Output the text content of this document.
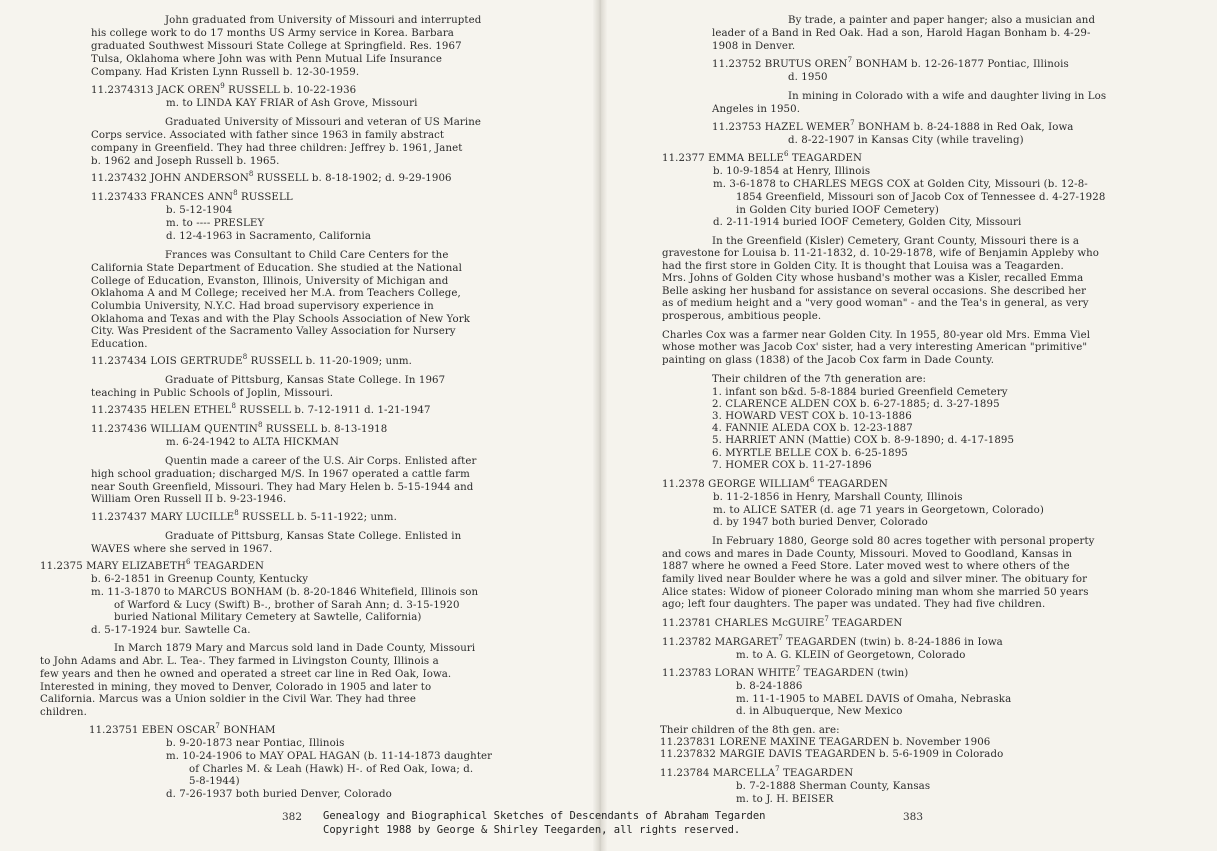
John graduated from University of Missouri and interrupted
his college work to do 17 months US Army service in Korea. Barbara
graduated Southwest Missouri State College at Springfield. Res. 1967
Tulsa, Oklahoma where John was with Penn Mutual Life Insurance
Company. Had Kristen Lynn Russell b. 12-30-1959.
11.2374313 JACK OREN$^9$ RUSSELL b. 10-22-1936
m. to LINDA KAY FRIAR of Ash Grove, Missouri
Graduated University of Missouri and veteran of US Marine
Corps service. Associated with father since 1963 in family abstract
company in Greenfield. They had three children: Jeffrey b. 1961, Janet
b. 1962 and Joseph Russell b. 1965.
11.237432 JOHN ANDERSON$^8$ RUSSELL b. 8-18-1902; d. 9-29-1906
11.237433 FRANCES ANN$^8$ RUSSELL
b. 5-12-1904
m. to ---- PRESLEY
d. 12-4-1963 in Sacramento, California
Frances was Consultant to Child Care Centers for the
California State Department of Education. She studied at the National
College of Education, Evanston, Illinois, University of Michigan and
Oklahoma A and M College; received her M.A. from Teachers College,
Columbia University, N.Y.C. Had broad supervisory experience in
Oklahoma and Texas and with the Play Schools Association of New York
City. Was President of the Sacramento Valley Association for Nursery
Education.
11.237434 LOIS GERTRUDE$^8$ RUSSELL b. 11-20-1909; unm.
Graduate of Pittsburg, Kansas State College. In 1967
teaching in Public Schools of Joplin, Missouri.
11.237435 HELEN ETHEL$^8$ RUSSELL b. 7-12-1911 d. 1-21-1947
11.237436 WILLIAM QUENTIN$^8$ RUSSELL b. 8-13-1918
m. 6-24-1942 to ALTA HICKMAN
Quentin made a career of the U.S. Air Corps. Enlisted after
high school graduation; discharged M/S. In 1967 operated a cattle farm
near South Greenfield, Missouri. They had Mary Helen b. 5-15-1944 and
William Oren Russell II b. 9-23-1946.
11.237437 MARY LUCILLE$^8$ RUSSELL b. 5-11-1922; unm.
Graduate of Pittsburg, Kansas State College. Enlisted in
WAVES where she served in 1967.
11.2375 MARY ELIZABETH$^6$ TEAGARDEN
b. 6-2-1851 in Greenup County, Kentucky
m. 11-3-1870 to MARCUS BONHAM (b. 8-20-1846 Whitefield, Illinois son
of Warford & Lucy (Swift) B-., brother of Sarah Ann; d. 3-15-1920
buried National Military Cemetery at Sawtelle, California)
d. 5-17-1924 bur. Sawtelle Ca.
In March 1879 Mary and Marcus sold land in Dade County, Missouri
to John Adams and Abr. L. Tea-. They farmed in Livingston County, Illinois a
few years and then he owned and operated a street car line in Red Oak, Iowa.
Interested in mining, they moved to Denver, Colorado in 1905 and later to
California. Marcus was a Union soldier in the Civil War. They had three
children.
11.23751 EBEN OSCAR$^7$ BONHAM
b. 9-20-1873 near Pontiac, Illinois
m. 10-24-1906 to MAY OPAL HAGAN (b. 11-14-1873 daughter
of Charles M. & Leah (Hawk) H-. of Red Oak, Iowa; d.
5-8-1944)
d. 7-26-1937 both buried Denver, Colorado
382
By trade, a painter and paper hanger; also a musician and
leader of a Band in Red Oak. Had a son, Harold Hagan Bonham b. 4-29-
1908 in Denver.
11.23752 BRUTUS OREN$^7$ BONHAM b. 12-26-1877 Pontiac, Illinois
d. 1950
In mining in Colorado with a wife and daughter living in Los
Angeles in 1950.
11.23753 HAZEL WEMER$^7$ BONHAM b. 8-24-1888 in Red Oak, Iowa
d. 8-22-1907 in Kansas City (while traveling)
11.2377 EMMA BELLE$^6$ TEAGARDEN
b. 10-9-1854 at Henry, Illinois
m. 3-6-1878 to CHARLES MEGS COX at Golden City, Missouri (b. 12-8-
1854 Greenfield, Missouri son of Jacob Cox of Tennessee d. 4-27-1928
in Golden City buried IOOF Cemetery)
d. 2-11-1914 buried IOOF Cemetery, Golden City, Missouri
In the Greenfield (Kisler) Cemetery, Grant County, Missouri there is a
gravestone for Louisa b. 11-21-1832, d. 10-29-1878, wife of Benjamin Appleby who
had the first store in Golden City. It is thought that Louisa was a Teagarden.
Mrs. Johns of Golden City whose husband's mother was a Kisler, recalled Emma
Belle asking her husband for assistance on several occasions. She described her
as of medium height and a "very good woman" - and the Tea's in general, as very
prosperous, ambitious people.
Charles Cox was a farmer near Golden City. In 1955, 80-year old Mrs. Emma Viel
whose mother was Jacob Cox' sister, had a very interesting American "primitive"
painting on glass (1838) of the Jacob Cox farm in Dade County.
Their children of the 7th generation are:
1. infant son b&d. 5-8-1884 buried Greenfield Cemetery
2. CLARENCE ALDEN COX b. 6-27-1885; d. 3-27-1895
3. HOWARD VEST COX b. 10-13-1886
4. FANNIE ALEDA COX b. 12-23-1887
5. HARRIET ANN (Mattie) COX b. 8-9-1890; d. 4-17-1895
6. MYRTLE BELLE COX b. 6-25-1895
7. HOMER COX b. 11-27-1896
11.2378 GEORGE WILLIAM$^6$ TEAGARDEN
b. 11-2-1856 in Henry, Marshall County, Illinois
m. to ALICE SATER (d. age 71 years in Georgetown, Colorado)
d. by 1947 both buried Denver, Colorado
In February 1880, George sold 80 acres together with personal property
and cows and mares in Dade County, Missouri. Moved to Goodland, Kansas in
1887 where he owned a Feed Store. Later moved west to where others of the
family lived near Boulder where he was a gold and silver miner. The obituary for
Alice states: Widow of pioneer Colorado mining man whom she married 50 years
ago; left four daughters. The paper was undated. They had five children.
11.23781 CHARLES McGUIRE$^7$ TEAGARDEN
11.23782 MARGARET$^7$ TEAGARDEN (twin) b. 8-24-1886 in Iowa
m. to A. G. KLEIN of Georgetown, Colorado
11.23783 LORAN WHITE$^7$ TEAGARDEN (twin)
b. 8-24-1886
m. 11-1-1905 to MABEL DAVIS of Omaha, Nebraska
d. in Albuquerque, New Mexico
Their children of the 8th gen. are:
11.237831 LORENE MAXINE TEAGARDEN b. November 1906
11.237832 MARGIE DAVIS TEAGARDEN b. 5-6-1909 in Colorado
11.23784 MARCELLA$^7$ TEAGARDEN
b. 7-2-1888 Sherman County, Kansas
m. to J. H. BEISER
383
Genealogy and Biographical Sketches of Descendants of Abraham Tegarden
Copyright 1988 by George & Shirley Teegarden, all rights reserved.
